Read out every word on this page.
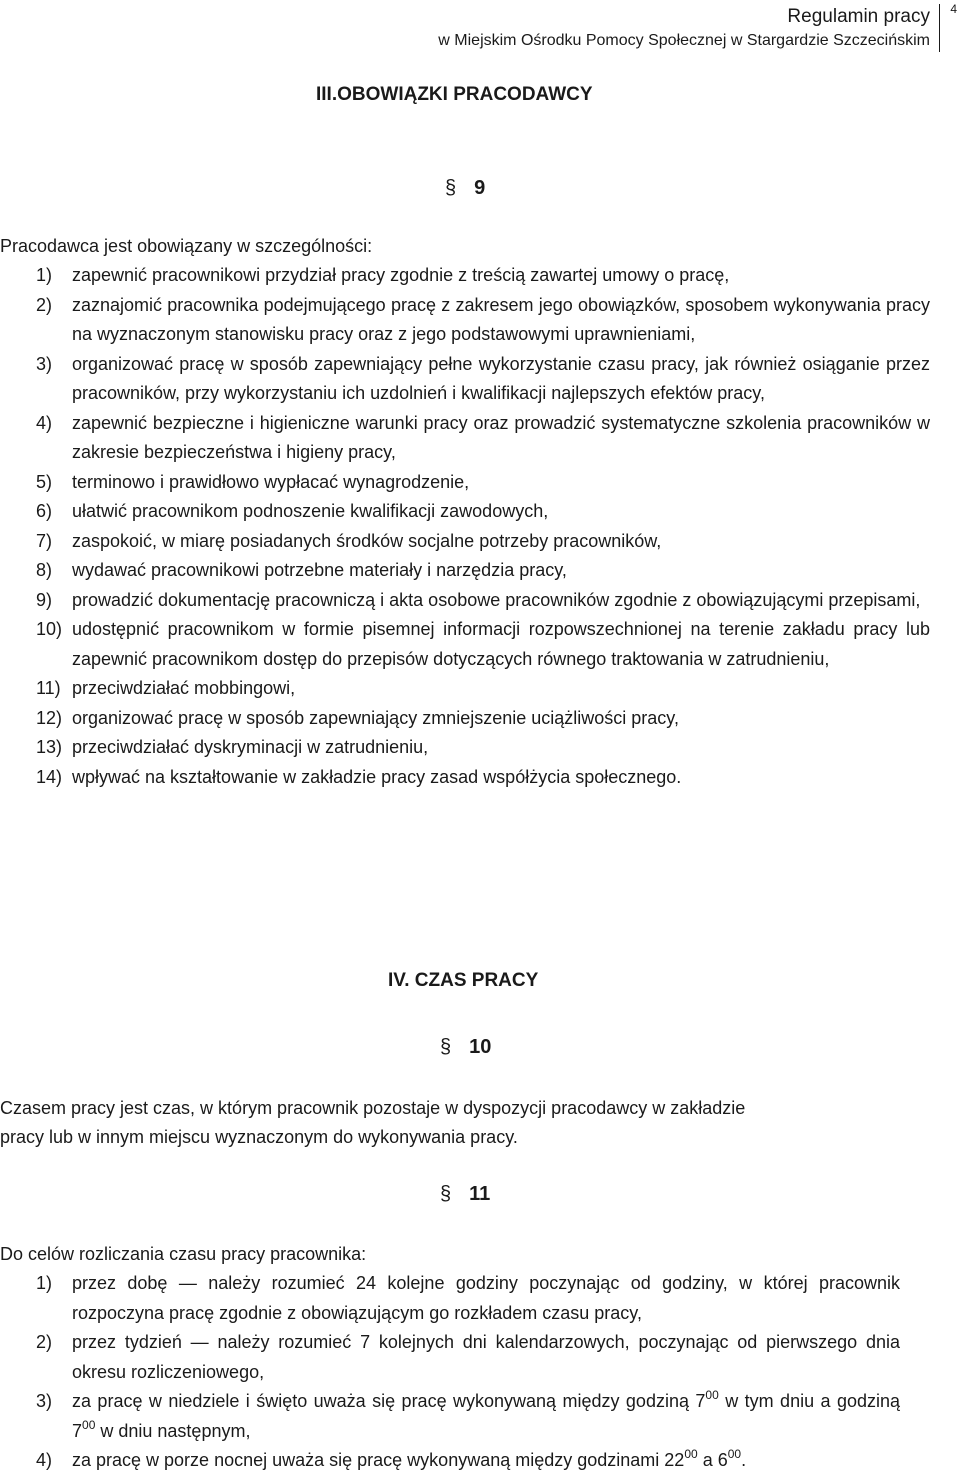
Regulamin pracy
w Miejskim Ośrodku Pomocy Społecznej w Stargardzie Szczecińskim
4
III.OBOWIĄZKI PRACODAWCY
§ 9
Pracodawca jest obowiązany w szczególności:
1) zapewnić pracownikowi przydział pracy zgodnie z treścią zawartej umowy o pracę,
2) zaznajomić pracownika podejmującego pracę z zakresem jego obowiązków, sposobem wykonywania pracy na wyznaczonym stanowisku pracy oraz z jego podstawowymi uprawnieniami,
3) organizować pracę w sposób zapewniający pełne wykorzystanie czasu pracy, jak również osiąganie przez pracowników, przy wykorzystaniu ich uzdolnień i kwalifikacji najlepszych efektów pracy,
4) zapewnić bezpieczne i higieniczne warunki pracy oraz prowadzić systematyczne szkolenia pracowników w zakresie bezpieczeństwa i higieny pracy,
5) terminowo i prawidłowo wypłacać wynagrodzenie,
6) ułatwić pracownikom podnoszenie kwalifikacji zawodowych,
7) zaspokoić, w miarę posiadanych środków socjalne potrzeby pracowników,
8) wydawać pracownikowi potrzebne materiały i narzędzia pracy,
9) prowadzić dokumentację pracowniczą i akta osobowe pracowników zgodnie z obowiązującymi przepisami,
10) udostępnić pracownikom w formie pisemnej informacji rozpowszechnionej na terenie zakładu pracy lub zapewnić pracownikom dostęp do przepisów dotyczących równego traktowania w zatrudnieniu,
11) przeciwdziałać mobbingowi,
12) organizować pracę w sposób zapewniający zmniejszenie uciążliwości pracy,
13) przeciwdziałać dyskryminacji w zatrudnieniu,
14) wpływać na kształtowanie w zakładzie pracy zasad współżycia społecznego.
IV. CZAS PRACY
§ 10
Czasem pracy jest czas, w którym pracownik pozostaje w dyspozycji pracodawcy w zakładzie
pracy lub w innym miejscu wyznaczonym do wykonywania pracy.
§ 11
Do celów rozliczania czasu pracy pracownika:
1) przez dobę — należy rozumieć 24 kolejne godziny poczynając od godziny, w której pracownik rozpoczyna pracę zgodnie z obowiązującym go rozkładem czasu pracy,
2) przez tydzień — należy rozumieć 7 kolejnych dni kalendarzowych, poczynając od pierwszego dnia okresu rozliczeniowego,
3) za pracę w niedziele i święto uważa się pracę wykonywaną między godziną $7^{00}$ w tym dniu a godziną $7^{00}$ w dniu następnym,
4) za pracę w porze nocnej uważa się pracę wykonywaną między godzinami $22^{00}$ a $6^{00}$.
